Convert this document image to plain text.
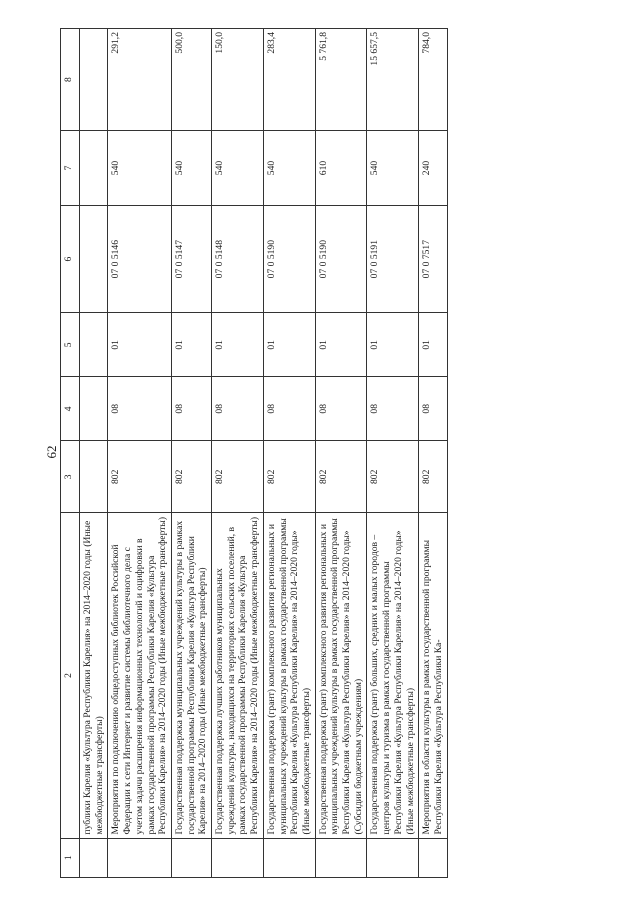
62
1	2	3	4	5	6	7	8
	публики Карелия «Культура Республики Карелия» на 2014–2020 годы (Иные межбюджетные трансферты)						
	Мероприятия по подключению общедоступных библиотек Российской Федерации к сети Интернет и развитие системы библиотечного дела с учетом задачи расширения информационных технологий и оцифровки в рамках государственной программы Республики Карелия «Культура Республики Карелия» на 2014–2020 годы (Иные межбюджетные трансферты)	802	08	01	07 0 5146	540	291,2
	Государственная поддержка муниципальных учреждений культуры в рамках государственной программы Республики Карелия «Культура Республики Карелия» на 2014–2020 годы (Иные межбюджетные трансферты)	802	08	01	07 0 5147	540	500,0
	Государственная поддержка лучших работников муниципальных учреждений культуры, находящихся на территориях сельских поселений, в рамках государственной программы Республики Карелия «Культура Республики Карелия» на 2014–2020 годы (Иные межбюджетные трансферты)	802	08	01	07 0 5148	540	150,0
	Государственная поддержка (грант) комплексного развития региональных и муниципальных учреждений культуры в рамках государственной программы Республики Карелия «Культура Республики Карелия» на 2014–2020 годы» (Иные межбюджетные трансферты)	802	08	01	07 0 5190	540	283,4
	Государственная поддержка (грант) комплексного развития региональных и муниципальных учреждений культуры в рамках государственной программы Республики Карелия «Культура Республики Карелия» на 2014–2020 годы» (Субсидии бюджетным учреждениям)	802	08	01	07 0 5190	610	5 761,8
	Государственная поддержка (грант) больших, средних и малых городов – центров культуры и туризма в рамках государственной программы Республики Карелия «Культура Республики Карелия» на 2014–2020 годы» (Иные межбюджетные трансферты)	802	08	01	07 0 5191	540	15 657,5
	Мероприятия в области культуры в рамках государственной программы Республики Карелия «Культура Республики Ка-	802	08	01	07 0 7517	240	784,0
